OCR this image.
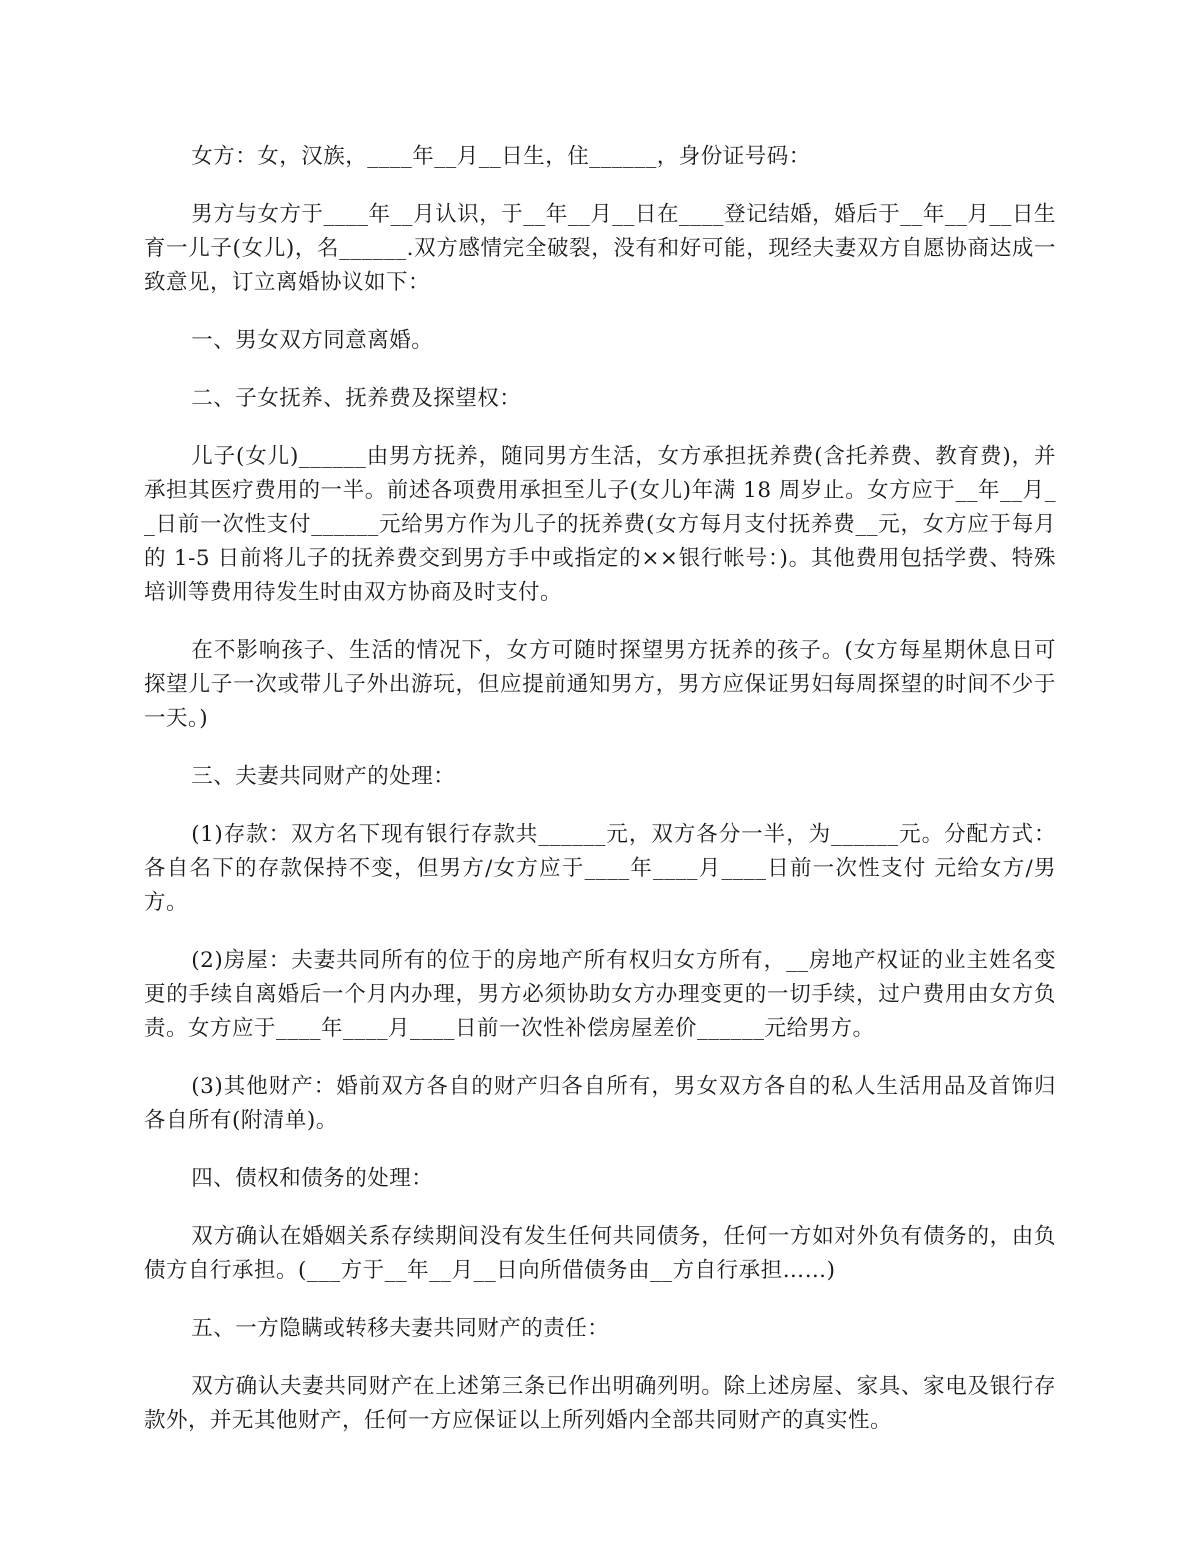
女方：女，汉族，____年__月__日生，住______，身份证号码：

男方与女方于____年__月认识，于__年__月__日在____登记结婚，婚后于__年__月__日生育一儿子(女儿)，名______.双方感情完全破裂，没有和好可能，现经夫妻双方自愿协商达成一致意见，订立离婚协议如下：

一、男女双方同意离婚。

二、子女抚养、抚养费及探望权：

儿子(女儿)______由男方抚养，随同男方生活，女方承担抚养费(含托养费、教育费)，并承担其医疗费用的一半。前述各项费用承担至儿子(女儿)年满 18 周岁止。女方应于__年__月__日前一次性支付______元给男方作为儿子的抚养费(女方每月支付抚养费__元，女方应于每月的 1-5 日前将儿子的抚养费交到男方手中或指定的××银行帐号：)。其他费用包括学费、特殊培训等费用待发生时由双方协商及时支付。

在不影响孩子、生活的情况下，女方可随时探望男方抚养的孩子。(女方每星期休息日可探望儿子一次或带儿子外出游玩，但应提前通知男方，男方应保证男妇每周探望的时间不少于一天。)

三、夫妻共同财产的处理：

(1)存款：双方名下现有银行存款共______元，双方各分一半，为______元。分配方式：各自名下的存款保持不变，但男方/女方应于____年____月____日前一次性支付 元给女方/男方。

(2)房屋：夫妻共同所有的位于的房地产所有权归女方所有，__房地产权证的业主姓名变更的手续自离婚后一个月内办理，男方必须协助女方办理变更的一切手续，过户费用由女方负责。女方应于____年____月____日前一次性补偿房屋差价______元给男方。

(3)其他财产：婚前双方各自的财产归各自所有，男女双方各自的私人生活用品及首饰归各自所有(附清单)。

四、债权和债务的处理：

双方确认在婚姻关系存续期间没有发生任何共同债务，任何一方如对外负有债务的，由负债方自行承担。(___方于__年__月__日向所借债务由__方自行承担……)

五、一方隐瞒或转移夫妻共同财产的责任：

双方确认夫妻共同财产在上述第三条已作出明确列明。除上述房屋、家具、家电及银行存款外，并无其他财产，任何一方应保证以上所列婚内全部共同财产的真实性。
